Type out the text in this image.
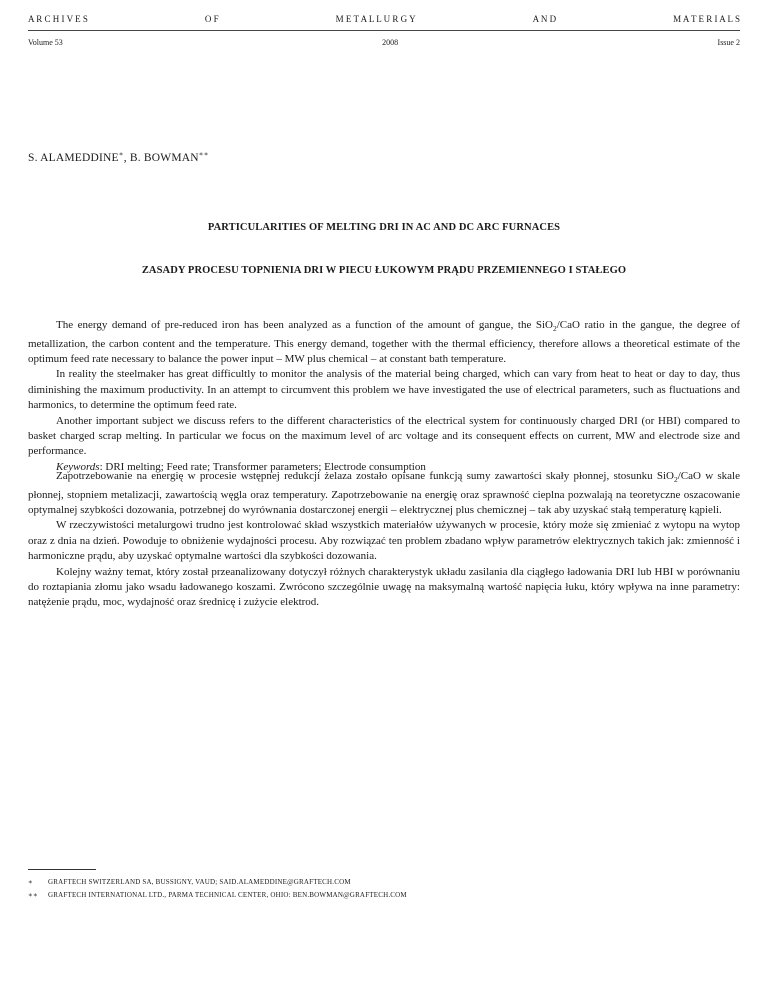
A R C H I V E S	O F	M E T A L L U R G Y	A N D	M A T E R I A L S
Volume 53	2008	Issue 2
S. ALAMEDDINE∗, B. BOWMAN∗∗
PARTICULARITIES OF MELTING DRI IN AC AND DC ARC FURNACES
ZASADY PROCESU TOPNIENIA DRI W PIECU ŁUKOWYM PRĄDU PRZEMIENNEGO I STAŁEGO

The energy demand of pre-reduced iron has been analyzed as a function of the amount of gangue, the SiO$_2$/CaO ratio in the gangue, the degree of metallization, the carbon content and the temperature. This energy demand, together with the thermal efficiency, therefore allows a theoretical estimate of the optimum feed rate necessary to balance the power input – MW plus chemical – at constant bath temperature.

In reality the steelmaker has great difficultly to monitor the analysis of the material being charged, which can vary from heat to heat or day to day, thus diminishing the maximum productivity. In an attempt to circumvent this problem we have investigated the use of electrical parameters, such as fluctuations and harmonics, to determine the optimum feed rate.

Another important subject we discuss refers to the different characteristics of the electrical system for continuously charged DRI (or HBI) compared to basket charged scrap melting. In particular we focus on the maximum level of arc voltage and its consequent effects on current, MW and electrode size and performance.

Keywords: DRI melting; Feed rate; Transformer parameters; Electrode consumption

Zapotrzebowanie na energię w procesie wstępnej redukcji żelaza zostało opisane funkcją sumy zawartości skały płonnej, stosunku SiO$_2$/CaO w skale płonnej, stopniem metalizacji, zawartością węgla oraz temperatury. Zapotrzebowanie na energię oraz sprawność cieplna pozwalają na teoretyczne oszacowanie optymalnej szybkości dozowania, potrzebnej do wyrównania dostarczonej energii – elektrycznej plus chemicznej – tak aby uzyskać stałą temperaturę kąpieli.

W rzeczywistości metalurgowi trudno jest kontrolować skład wszystkich materiałów używanych w procesie, który może się zmieniać z wytopu na wytop oraz z dnia na dzień. Powoduje to obniżenie wydajności procesu. Aby rozwiązać ten problem zbadano wpływ parametrów elektrycznych takich jak: zmienność i harmoniczne prądu, aby uzyskać optymalne wartości dla szybkości dozowania.

Kolejny ważny temat, który został przeanalizowany dotyczył różnych charakterystyk układu zasilania dla ciągłego ładowania DRI lub HBI w porównaniu do roztapiania złomu jako wsadu ładowanego koszami. Zwrócono szczególnie uwagę na maksymalną wartość napięcia łuku, który wpływa na inne parametry: natężenie prądu, moc, wydajność oraz średnicę i zużycie elektrod.

∗	GRAFTECH SWITZERLAND SA, BUSSIGNY, VAUD; SAID.ALAMEDDINE@GRAFTECH.COM
∗∗	GRAFTECH INTERNATIONAL LTD., PARMA TECHNICAL CENTER, OHIO: BEN.BOWMAN@GRAFTECH.COM
